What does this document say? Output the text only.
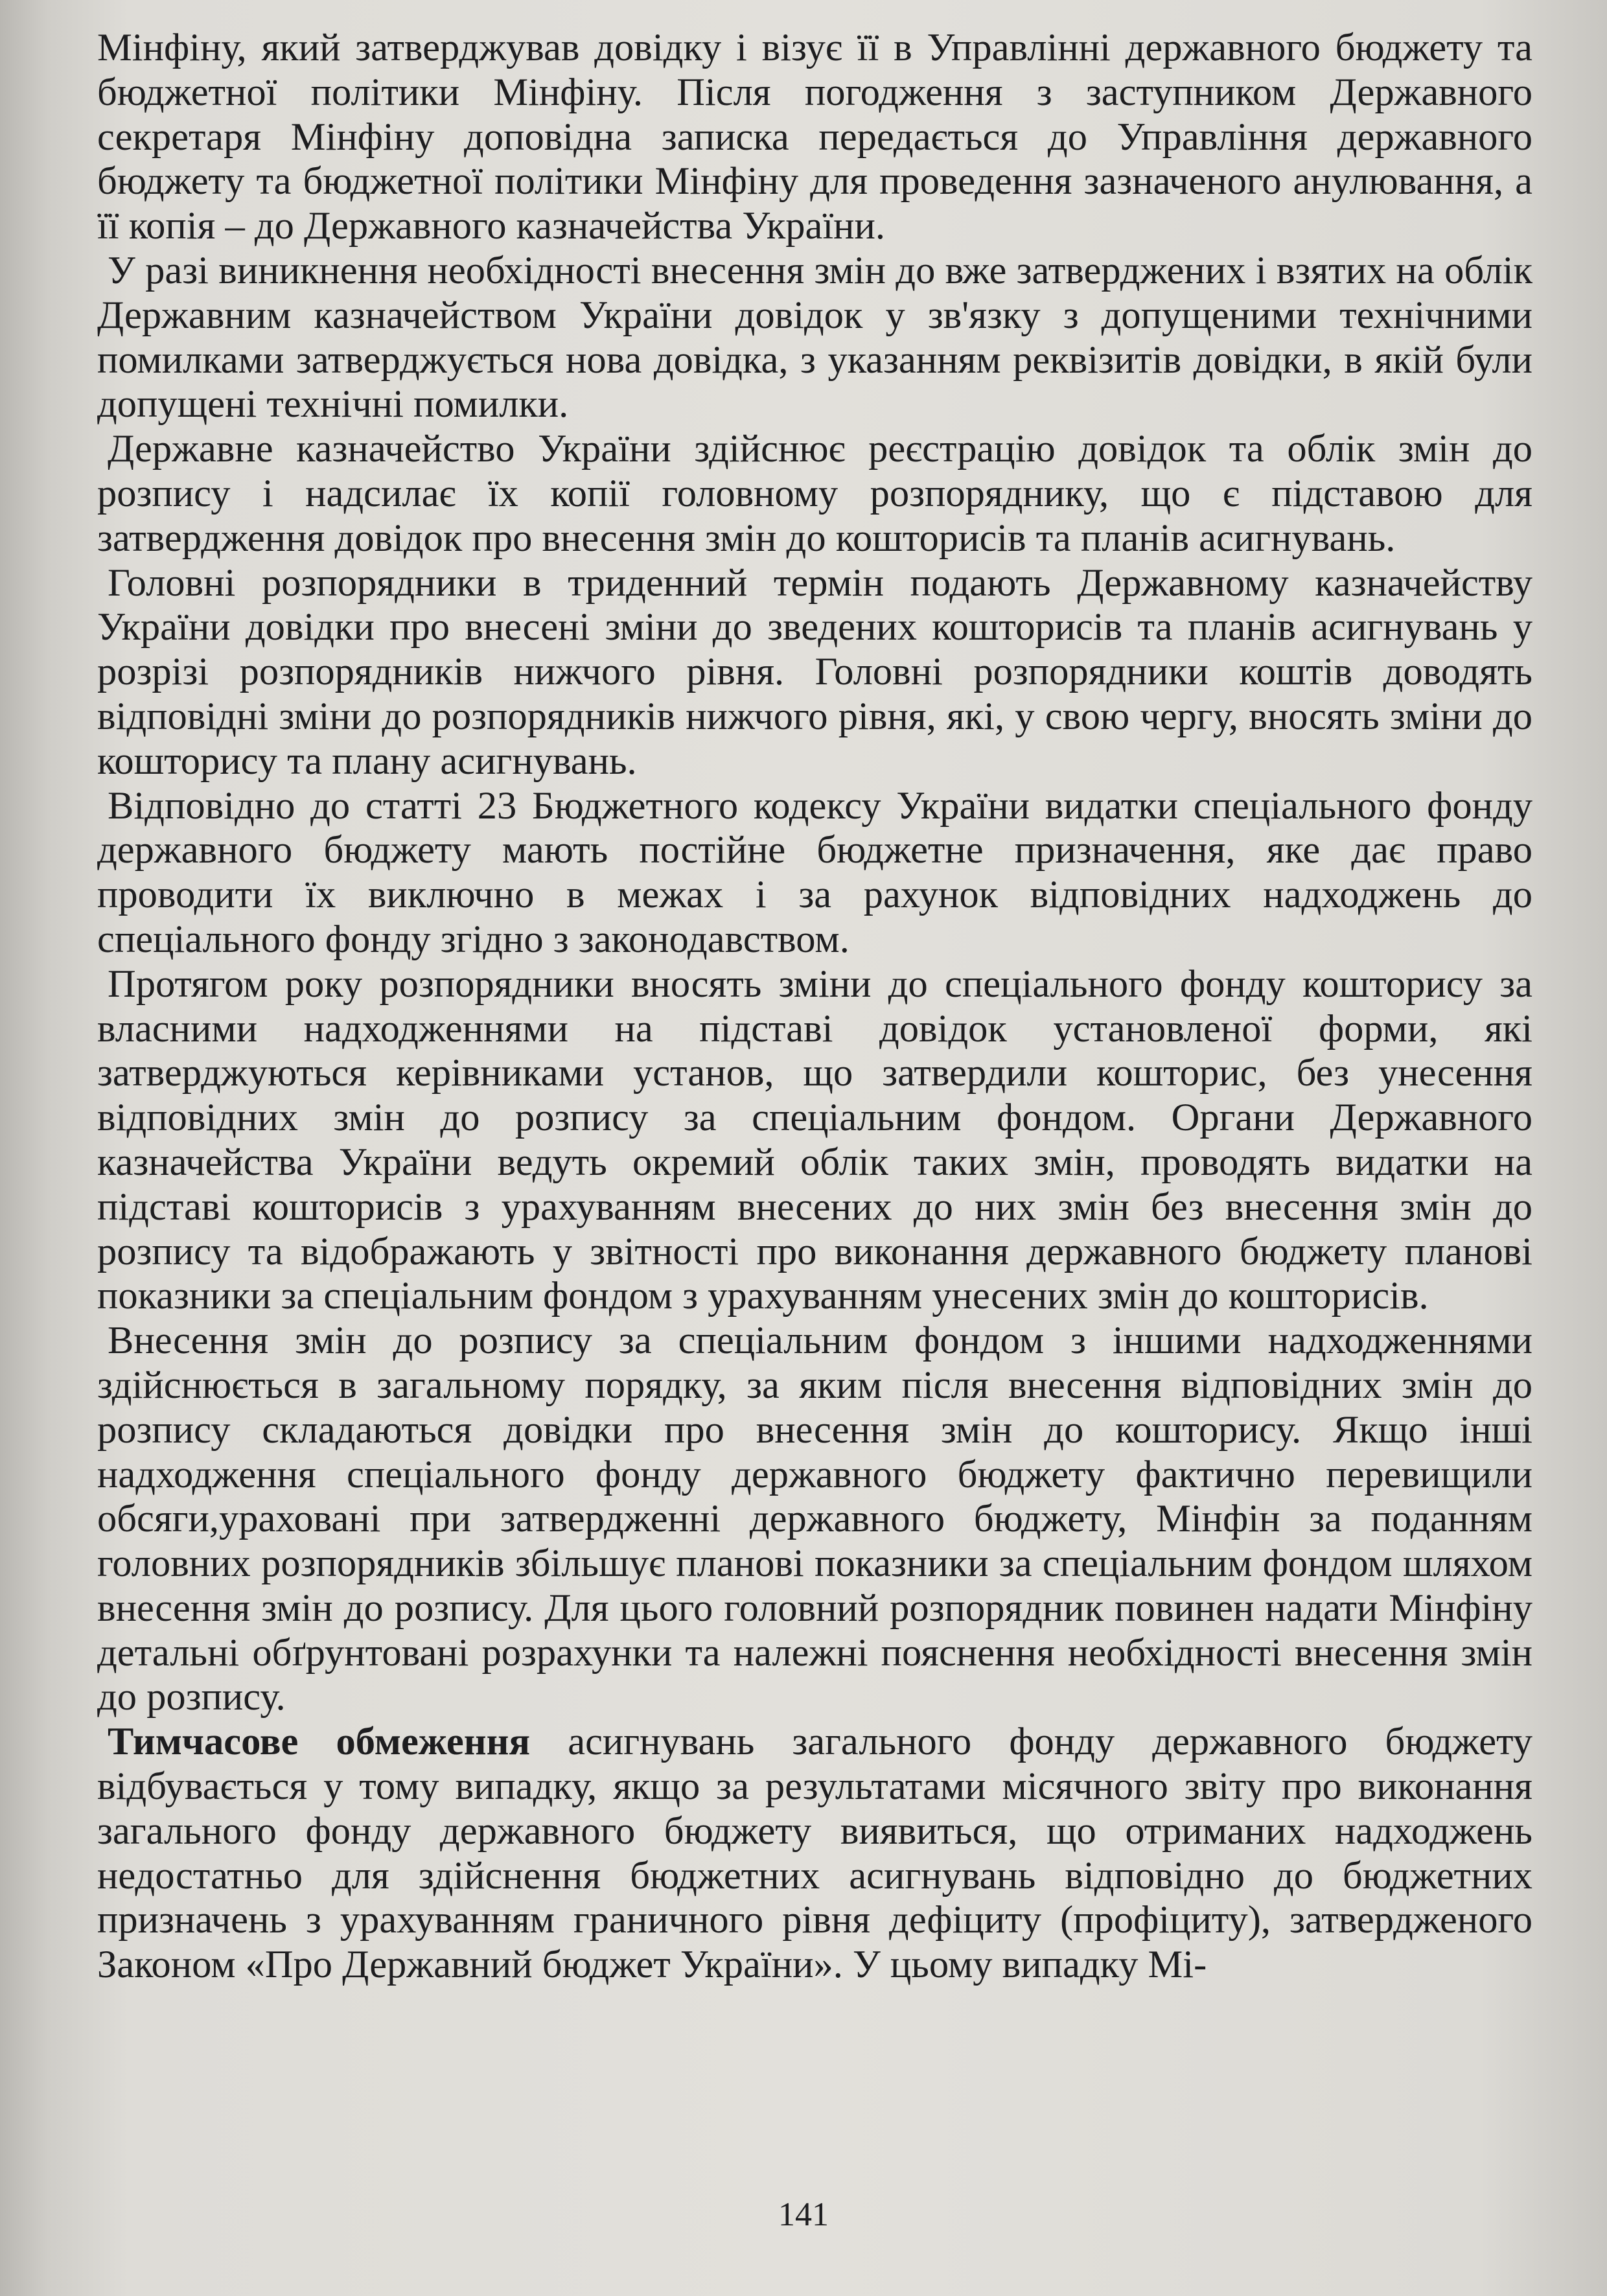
Мінфіну, який затверджував довідку і візує її в Управлінні державного бюджету та бюджетної політики Мінфіну. Після погодження з заступником Державного секретаря Мінфіну доповідна записка передається до Управління державного бюджету та бюджетної політики Мінфіну для проведення зазначеного анулювання, а її копія – до Державного казначейства України.

У разі виникнення необхідності внесення змін до вже затверджених і взятих на облік Державним казначейством України довідок у зв'язку з допущеними технічними помилками затверджується нова довідка, з указанням реквізитів довідки, в якій були допущені технічні помилки.

Державне казначейство України здійснює реєстрацію довідок та облік змін до розпису і надсилає їх копії головному розпоряднику, що є підставою для затвердження довідок про внесення змін до кошторисів та планів асигнувань.

Головні розпорядники в триденний термін подають Державному казначейству України довідки про внесені зміни до зведених кошторисів та планів асигнувань у розрізі розпорядників нижчого рівня. Головні розпорядники коштів доводять відповідні зміни до розпорядників нижчого рівня, які, у свою чергу, вносять зміни до кошторису та плану асигнувань.

Відповідно до статті 23 Бюджетного кодексу України видатки спеціального фонду державного бюджету мають постійне бюджетне призначення, яке дає право проводити їх виключно в межах і за рахунок відповідних надходжень до спеціального фонду згідно з законодавством.

Протягом року розпорядники вносять зміни до спеціального фонду кошторису за власними надходженнями на підставі довідок установленої форми, які затверджуються керівниками установ, що затвердили кошторис, без унесення відповідних змін до розпису за спеціальним фондом. Органи Державного казначейства України ведуть окремий облік таких змін, проводять видатки на підставі кошторисів з урахуванням внесених до них змін без внесення змін до розпису та відображають у звітності про виконання державного бюджету планові показники за спеціальним фондом з урахуванням унесених змін до кошторисів.

Внесення змін до розпису за спеціальним фондом з іншими надходженнями здійснюється в загальному порядку, за яким після внесення відповідних змін до розпису складаються довідки про внесення змін до кошторису. Якщо інші надходження спеціального фонду державного бюджету фактично перевищили обсяги,ураховані при затвердженні державного бюджету, Мінфін за поданням головних розпорядників збільшує планові показники за спеціальним фондом шляхом внесення змін до розпису. Для цього головний розпорядник повинен надати Мінфіну детальні обґрунтовані розрахунки та належні пояснення необхідності внесення змін до розпису.

Тимчасове обмеження асигнувань загального фонду державного бюджету відбувається у тому випадку, якщо за результатами місячного звіту про виконання загального фонду державного бюджету виявиться, що отриманих надходжень недостатньо для здійснення бюджетних асигнувань відповідно до бюджетних призначень з урахуванням граничного рівня дефіциту (профіциту), затвердженого Законом «Про Державний бюджет України». У цьому випадку Мі-

141
